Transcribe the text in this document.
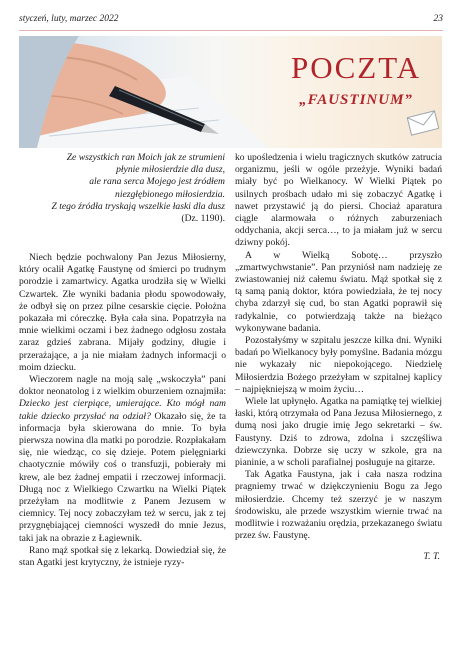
styczeń, luty, marzec 2022	23
POCZTA
„FAUSTINUM”
Ze wszystkich ran Moich jak ze strumieni
płynie miłosierdzie dla dusz,
ale rana serca Mojego jest źródłem
niezgłębionego miłosierdzia.
Z tego źródła tryskają wszelkie łaski dla dusz
(Dz. 1190).

Niech będzie pochwalony Pan Jezus Miłosierny, który ocalił Agatkę Faustynę od śmierci po trudnym porodzie i zamartwicy. Agatka urodziła się w Wielki Czwartek. Złe wyniki badania płodu spowodowały, że odbył się on przez pilne cesarskie cięcie. Położna pokazała mi córeczkę. Była cała sina. Popatrzyła na mnie wielkimi oczami i bez żadnego odgłosu została zaraz gdzieś zabrana. Mijały godziny, długie i przerażające, a ja nie miałam żadnych informacji o moim dziecku.

Wieczorem nagle na moją salę „wskoczyła” pani doktor neonatolog i z wielkim oburzeniem oznajmiła: Dziecko jest cierpiące, umierające. Kto mógł nam takie dziecko przysłać na odział? Okazało się, że ta informacja była skierowana do mnie. To była pierwsza nowina dla matki po porodzie. Rozpłakałam się, nie wiedząc, co się dzieje. Potem pielęgniarki chaotycznie mówiły coś o transfuzji, pobierały mi krew, ale bez żadnej empatii i rzeczowej informacji. Długą noc z Wielkiego Czwartku na Wielki Piątek przeżyłam na modlitwie z Panem Jezusem w ciemnicy. Tej nocy zobaczyłam też w sercu, jak z tej przygnębiającej ciemności wyszedł do mnie Jezus, taki jak na obrazie z Łagiewnik.

Rano mąż spotkał się z lekarką. Dowiedział się, że stan Agatki jest krytyczny, że istnieje ryzy-

ko upośledzenia i wielu tragicznych skutków zatrucia organizmu, jeśli w ogóle przeżyje. Wyniki badań miały być po Wielkanocy. W Wielki Piątek po usilnych prośbach udało mi się zobaczyć Agatkę i nawet przystawić ją do piersi. Chociaż aparatura ciągle alarmowała o różnych zaburzeniach oddychania, akcji serca…, to ja miałam już w sercu dziwny pokój.

A w Wielką Sobotę… przyszło „zmartwychwstanie”. Pan przyniósł nam nadzieję ze zwiastowaniej niż całemu światu. Mąż spotkał się z tą samą panią doktor, która powiedziała, że tej nocy chyba zdarzył się cud, bo stan Agatki poprawił się radykalnie, co potwierdzają także na bieżąco wykonywane badania.

Pozostałyśmy w szpitalu jeszcze kilka dni. Wyniki badań po Wielkanocy były pomyślne. Badania mózgu nie wykazały nic niepokojącego. Niedzielę Miłosierdzia Bożego przeżyłam w szpitalnej kaplicy – najpiękniejszą w moim życiu…

Wiele lat upłynęło. Agatka na pamiątkę tej wielkiej łaski, którą otrzymała od Pana Jezusa Miłosiernego, z dumą nosi jako drugie imię Jego sekretarki – św. Faustyny. Dziś to zdrowa, zdolna i szczęśliwa dziewczynka. Dobrze się uczy w szkole, gra na pianinie, a w scholi parafialnej posługuje na gitarze.

Tak Agatka Faustyna, jak i cała nasza rodzina pragniemy trwać w dziękczynieniu Bogu za Jego miłosierdzie. Chcemy też szerzyć je w naszym środowisku, ale przede wszystkim wiernie trwać na modlitwie i rozważaniu orędzia, przekazanego światu przez św. Faustynę.

T. T.
